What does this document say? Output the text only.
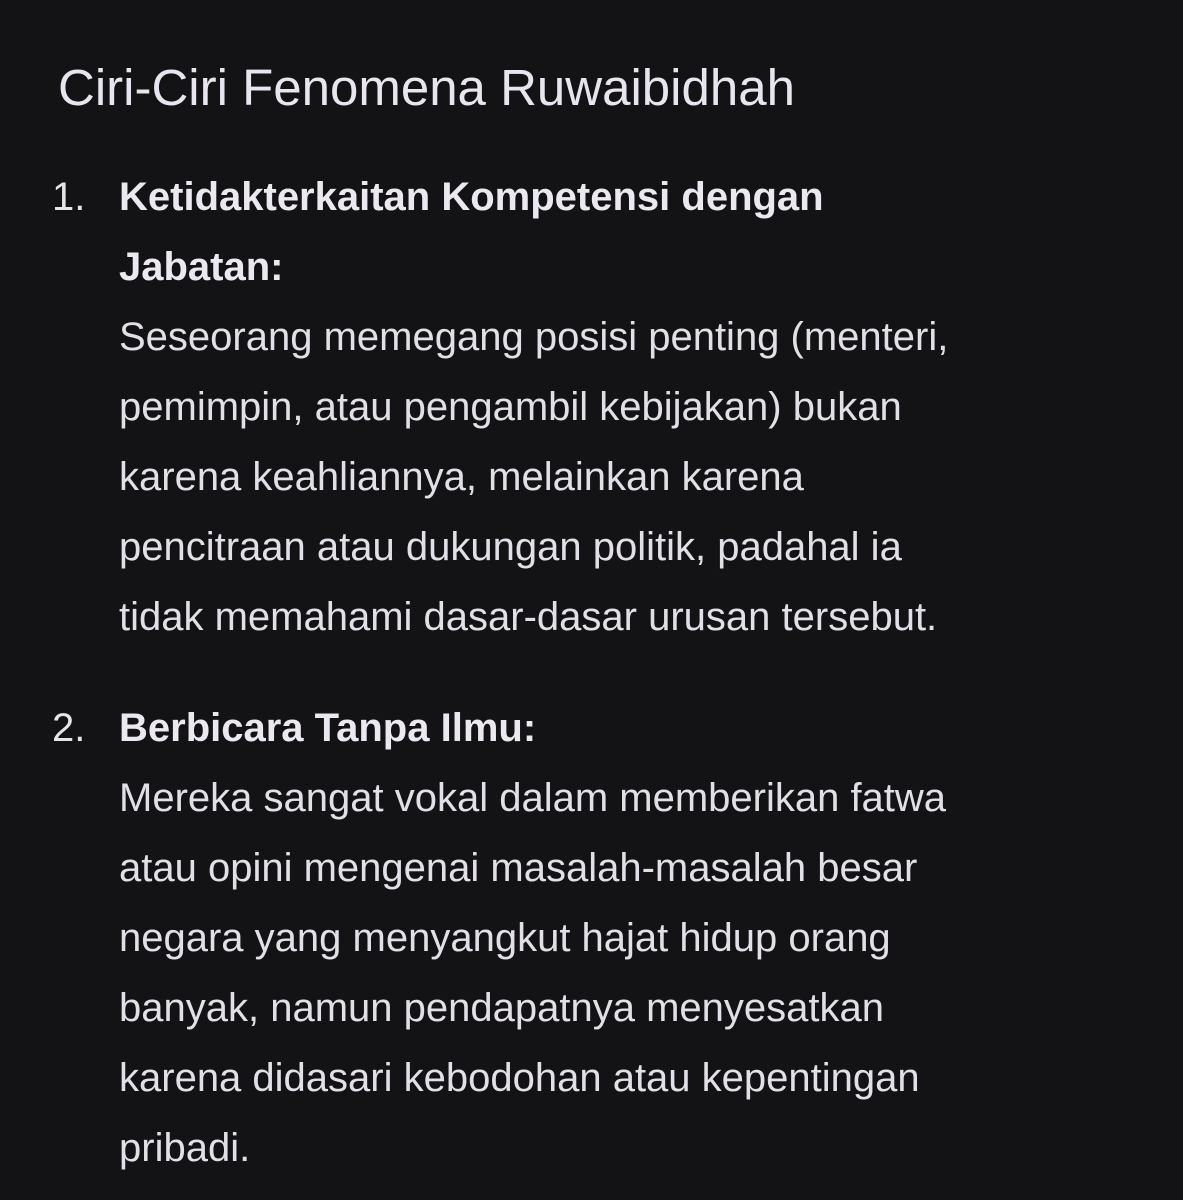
Ciri-Ciri Fenomena Ruwaibidhah
1. Ketidakterkaitan Kompetensi dengan
Jabatan:
Seseorang memegang posisi penting (menteri,
pemimpin, atau pengambil kebijakan) bukan
karena keahliannya, melainkan karena
pencitraan atau dukungan politik, padahal ia
tidak memahami dasar-dasar urusan tersebut.
2. Berbicara Tanpa Ilmu:
Mereka sangat vokal dalam memberikan fatwa
atau opini mengenai masalah-masalah besar
negara yang menyangkut hajat hidup orang
banyak, namun pendapatnya menyesatkan
karena didasari kebodohan atau kepentingan
pribadi.
